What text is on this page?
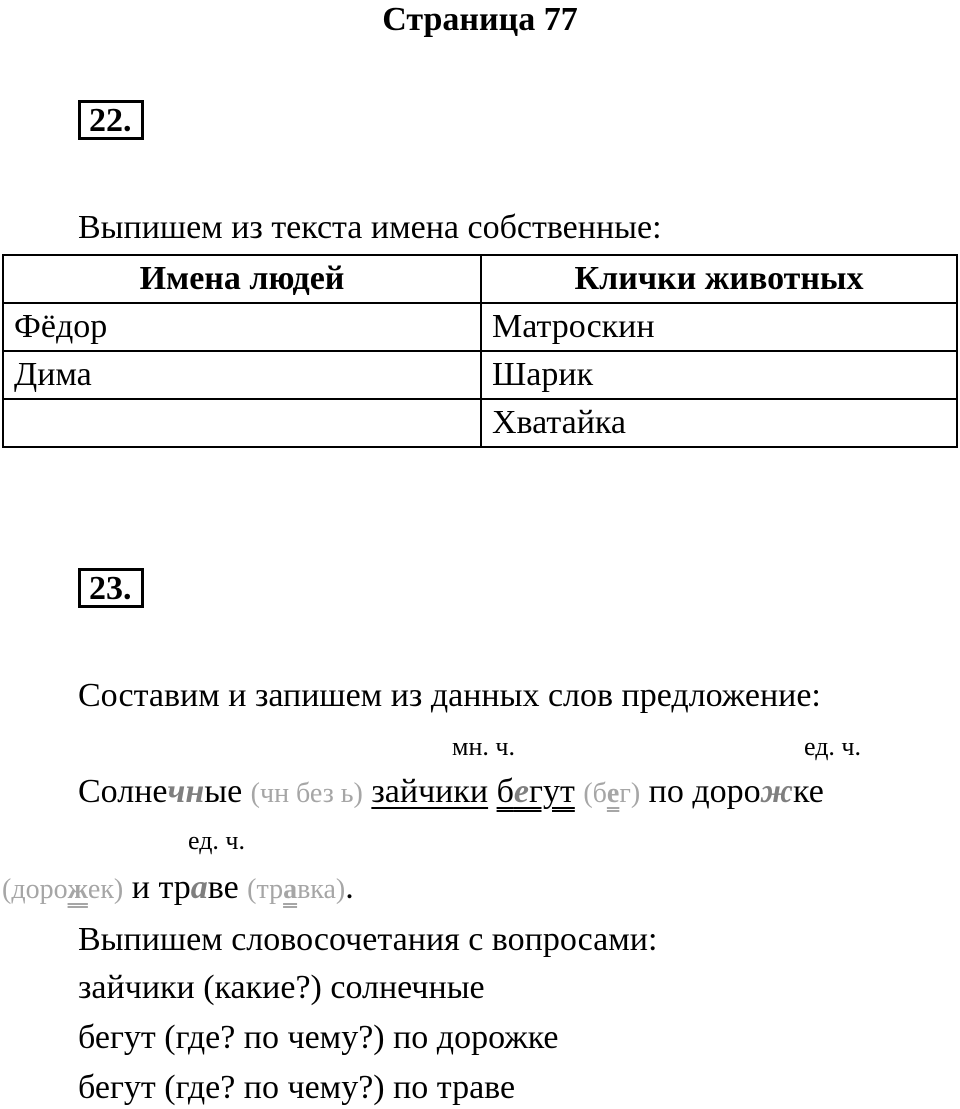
Страница 77
22.
Выпишем из текста имена собственные:
Имена людей	Клички животных
Фёдор	Матроскин
Дима	Шарик
	Хватайка
23.
Составим и запишем из данных слов предложение:
мн. ч.	ед. ч.
Солнечные (чн без ь) зайчики бегут (бег) по дорожке
ед. ч.
(дорожек) и траве (травка).
Выпишем словосочетания с вопросами:
зайчики (какие?) солнечные
бегут (где? по чему?) по дорожке
бегут (где? по чему?) по траве
